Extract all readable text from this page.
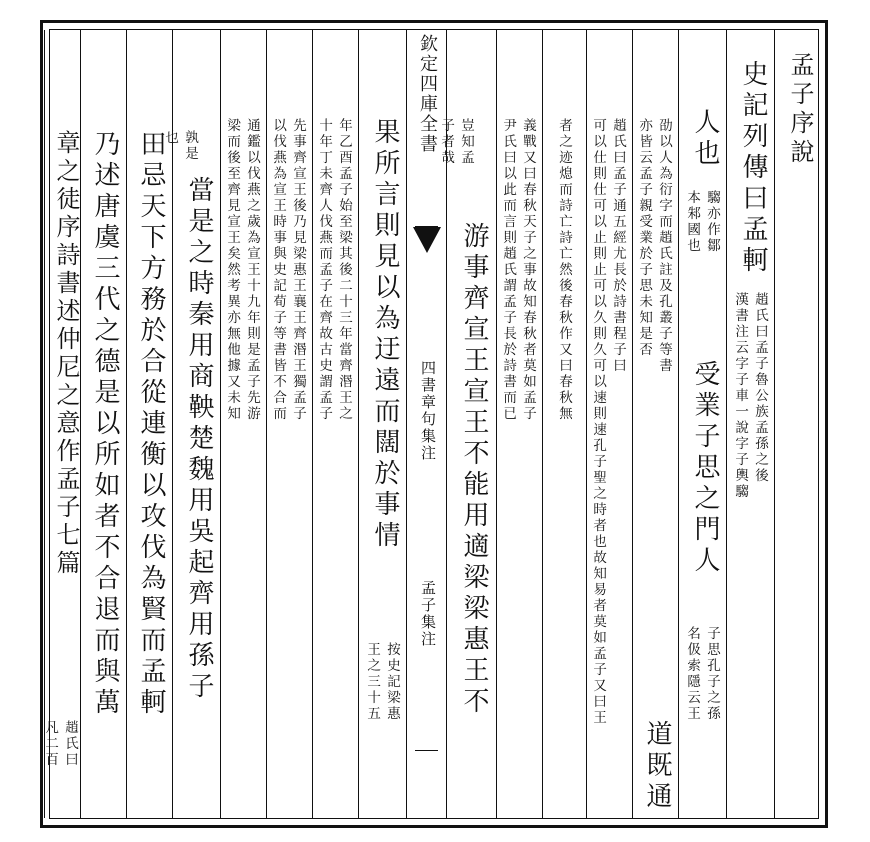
孟子序說
史記列傳曰孟軻
趙氏曰孟子魯公族孟孫之後
漢書注云字子車一說字子輿騶
人也
騶亦作鄒
本邾國也
受業子思之門人
子思孔子之孫
名伋索隱云王
劭以人為衍字而趙氏註及孔叢子等書
亦皆云孟子親受業於子思未知是否
道既通
趙氏曰孟子通五經尤長於詩書程子曰
可以仕則仕可以止則止可以久則久可以速則速孔子聖之時者也故知易者莫如孟子又曰王
者之迹熄而詩亡詩亡然後春秋作又曰春秋無
義戰又曰春秋天子之事故知春秋者莫如孟子
尹氏曰以此而言則趙氏謂孟子長於詩書而已
豈知孟
子者哉
游事齊宣王宣王不能用適梁梁惠王不
欽定四庫全書
四書章句集注
孟子集注
果所言則見以為迂遠而闊於事情
按史記梁惠
王之三十五
年乙酉孟子始至梁其後二十三年當齊湣王之
十年丁未齊人伐燕而孟子在齊故古史謂孟子
先事齊宣王後乃見梁惠王襄王齊湣王獨孟子
以伐燕為宣王時事與史記荀子等書皆不合而
通鑑以伐燕之歲為宣王十九年則是孟子先游
梁而後至齊見宣王矣然考異亦無他據又未知
孰是
也
當是之時秦用商鞅楚魏用吳起齊用孫子
田忌天下方務於合從連衡以攻伐為賢而孟軻
乃述唐虞三代之德是以所如者不合退而與萬
章之徒序詩書述仲尼之意作孟子七篇
趙氏曰
凡二百
